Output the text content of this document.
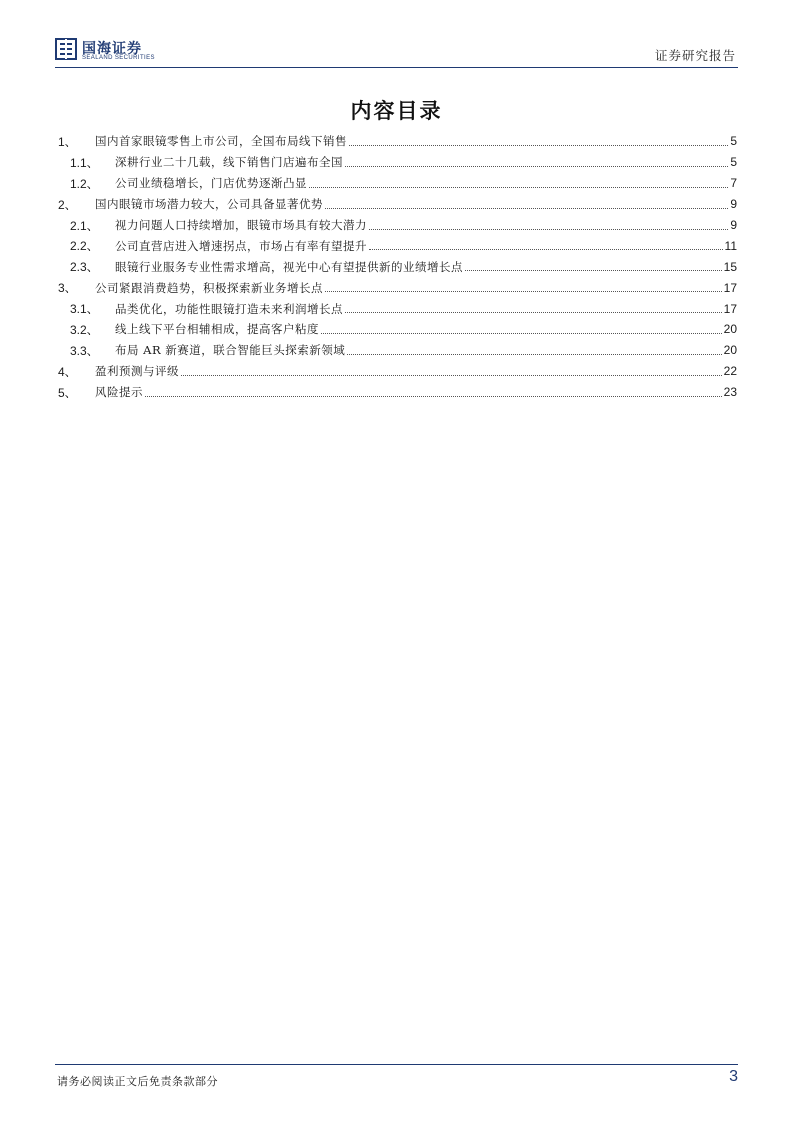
国海证券
SEALAND SECURITIES	证券研究报告
内容目录
1、	国内首家眼镜零售上市公司，全国布局线下销售	5
1.1、	深耕行业二十几载，线下销售门店遍布全国	5
1.2、	公司业绩稳增长，门店优势逐渐凸显	7
2、	国内眼镜市场潜力较大，公司具备显著优势	9
2.1、	视力问题人口持续增加，眼镜市场具有较大潜力	9
2.2、	公司直营店进入增速拐点，市场占有率有望提升	11
2.3、	眼镜行业服务专业性需求增高，视光中心有望提供新的业绩增长点	15
3、	公司紧跟消费趋势，积极探索新业务增长点	17
3.1、	品类优化，功能性眼镜打造未来利润增长点	17
3.2、	线上线下平台相辅相成，提高客户粘度	20
3.3、	布局 AR 新赛道，联合智能巨头探索新领域	20
4、	盈利预测与评级	22
5、	风险提示	23
请务必阅读正文后免责条款部分	3
